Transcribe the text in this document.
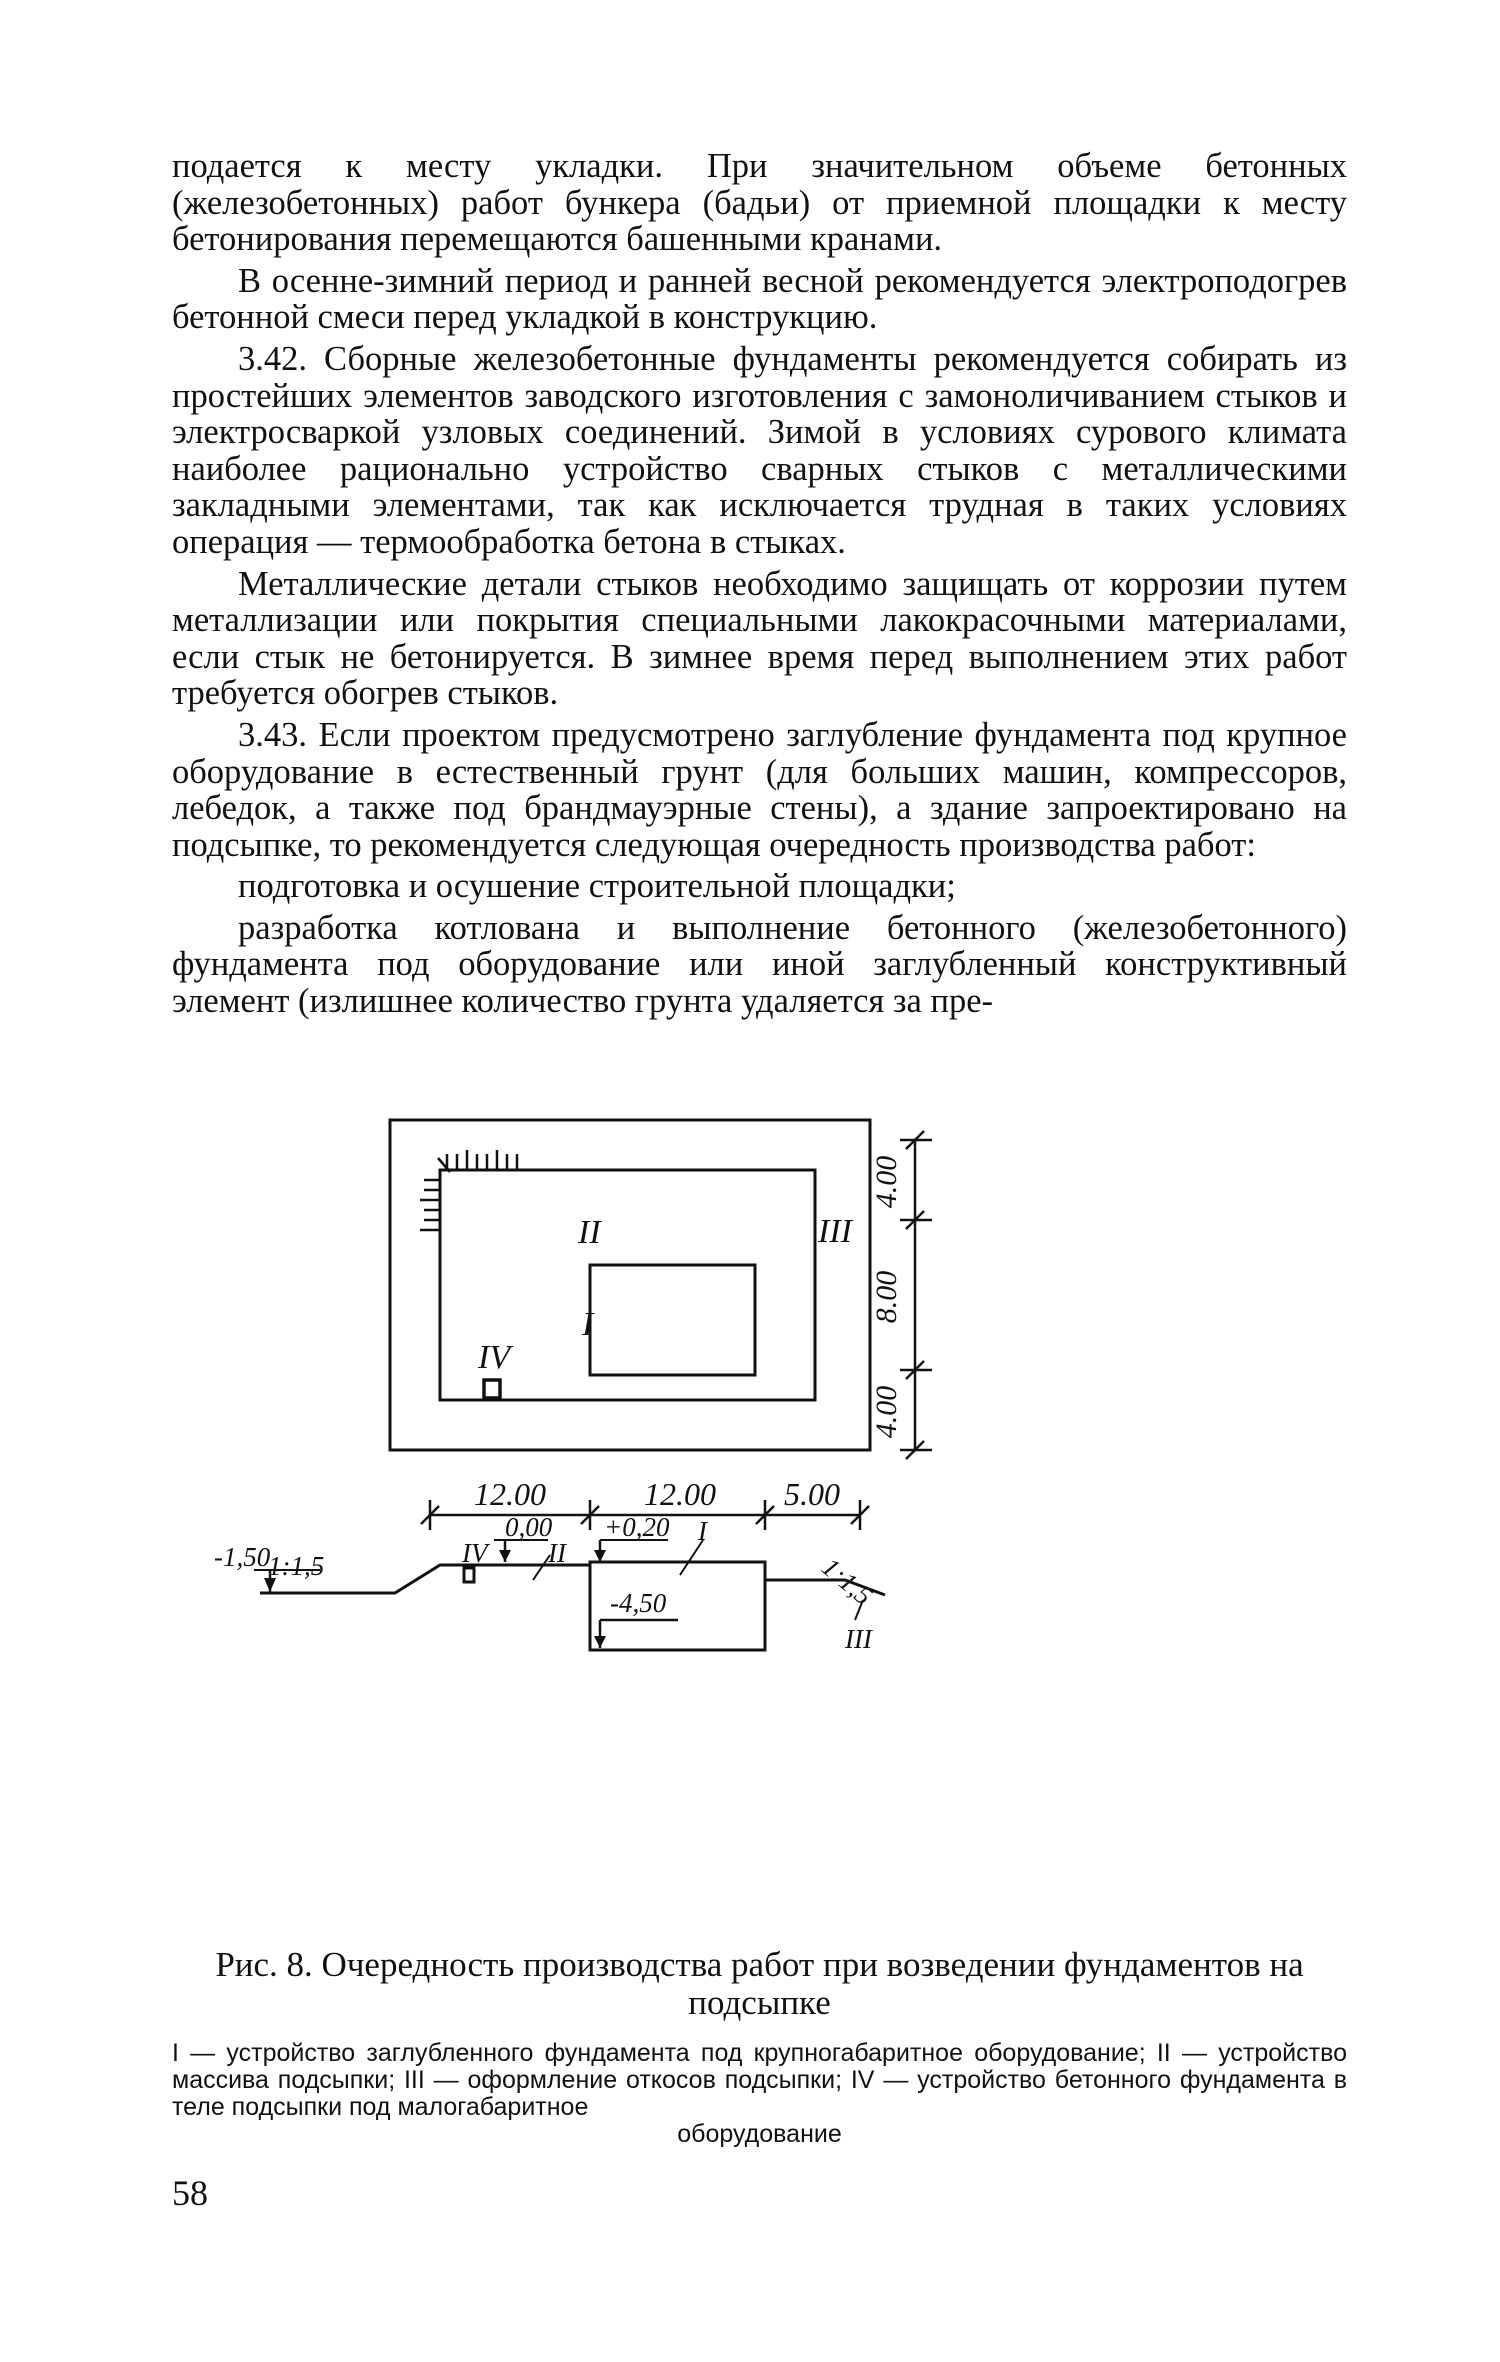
подается к месту укладки. При значительном объеме бетонных (железобетонных) работ бункера (бадьи) от приемной площадки к месту бетонирования перемещаются башенными кранами.

В осенне-зимний период и ранней весной рекомендуется электроподогрев бетонной смеси перед укладкой в конструкцию.

3.42. Сборные железобетонные фундаменты рекомендуется собирать из простейших элементов заводского изготовления с замоноличиванием стыков и электросваркой узловых соединений. Зимой в условиях сурового климата наиболее рационально устройство сварных стыков с металлическими закладными элементами, так как исключается трудная в таких условиях операция — термообработка бетона в стыках.

Металлические детали стыков необходимо защищать от коррозии путем металлизации или покрытия специальными лакокрасочными материалами, если стык не бетонируется. В зимнее время перед выполнением этих работ требуется обогрев стыков.

3.43. Если проектом предусмотрено заглубление фундамента под крупное оборудование в естественный грунт (для больших машин, компрессоров, лебедок, а также под брандмауэрные стены), а здание запроектировано на подсыпке, то рекомендуется следующая очередность производства работ:

подготовка и осушение строительной площадки;

разработка котлована и выполнение бетонного (железобетонного) фундамента под оборудование или иной заглубленный конструктивный элемент (излишнее количество грунта удаляется за пре-

II
I
III
IV
4.00
8.00
4.00
12.00	12.00 5.00
-1,50
1:1,5	IV
0,00
II
+0,20 I
-4,50	1:1,5
III
Рис. 8. Очередность производства работ при возведении фундаментов на подсыпке
I — устройство заглубленного фундамента под крупногабаритное оборудование; II — устройство массива подсыпки; III — оформление откосов подсыпки; IV — устройство бетонного фундамента в теле подсыпки под малогабаритное
оборудование
58
